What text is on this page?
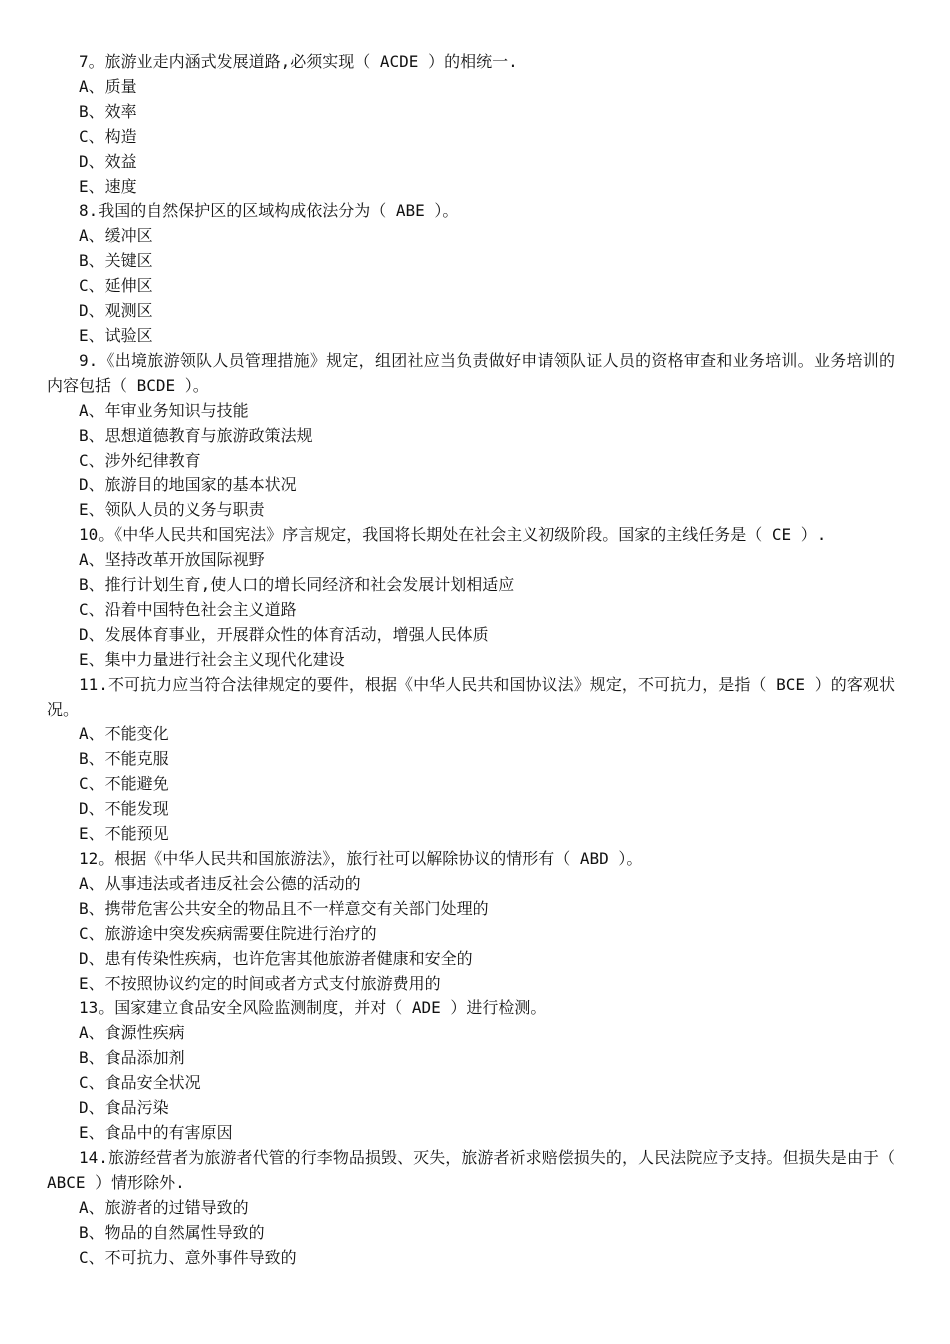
7。旅游业走内涵式发展道路,必须实现（ ACDE ）的相统一.

A、质量
B、效率
C、构造
D、效益
E、速度

8.我国的自然保护区的区域构成依法分为（ ABE ）。

A、缓冲区
B、关键区
C、延伸区
D、观测区
E、试验区

9.《出境旅游领队人员管理措施》规定，组团社应当负责做好申请领队证人员的资格审查和业务培训。业务培训的内容包括（ BCDE ）。

A、年审业务知识与技能
B、思想道德教育与旅游政策法规
C、涉外纪律教育
D、旅游目的地国家的基本状况
E、领队人员的义务与职责

10。《中华人民共和国宪法》序言规定，我国将长期处在社会主义初级阶段。国家的主线任务是（ CE ）.

A、坚持改革开放国际视野
B、推行计划生育,使人口的增长同经济和社会发展计划相适应
C、沿着中国特色社会主义道路
D、发展体育事业，开展群众性的体育活动，增强人民体质
E、集中力量进行社会主义现代化建设

11.不可抗力应当符合法律规定的要件，根据《中华人民共和国协议法》规定，不可抗力，是指（ BCE ）的客观状况。

A、不能变化
B、不能克服
C、不能避免
D、不能发现
E、不能预见

12。根据《中华人民共和国旅游法》，旅行社可以解除协议的情形有（ ABD ）。

A、从事违法或者违反社会公德的活动的
B、携带危害公共安全的物品且不一样意交有关部门处理的
C、旅游途中突发疾病需要住院进行治疗的
D、患有传染性疾病，也许危害其他旅游者健康和安全的
E、不按照协议约定的时间或者方式支付旅游费用的

13。国家建立食品安全风险监测制度，并对（ ADE ）进行检测。

A、食源性疾病
B、食品添加剂
C、食品安全状况
D、食品污染
E、食品中的有害原因

14.旅游经营者为旅游者代管的行李物品损毁、灭失，旅游者祈求赔偿损失的，人民法院应予支持。但损失是由于（ ABCE ）情形除外.

A、旅游者的过错导致的
B、物品的自然属性导致的
C、不可抗力、意外事件导致的
